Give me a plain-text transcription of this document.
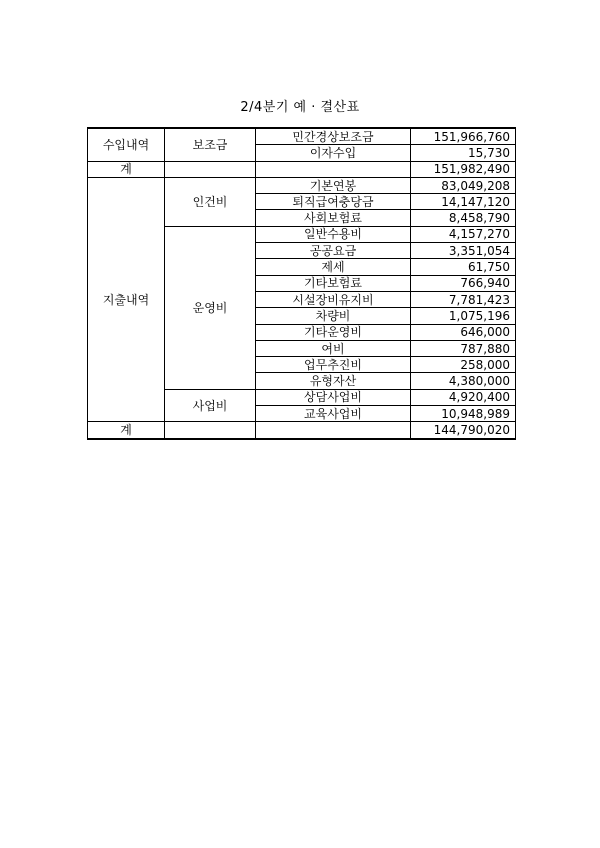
2/4분기 예 · 결산표
수입내역	보조금	민간경상보조금	151,966,760
		이자수입	15,730
계			151,982,490
지출내역	인건비	기본연봉	83,049,208
		퇴직급여충당금	14,147,120
		사회보험료	8,458,790
	운영비	일반수용비	4,157,270
		공공요금	3,351,054
		제세	61,750
		기타보험료	766,940
		시설장비유지비	7,781,423
		차량비	1,075,196
		기타운영비	646,000
		여비	787,880
		업무추진비	258,000
		유형자산	4,380,000
	사업비	상담사업비	4,920,400
		교육사업비	10,948,989
계			144,790,020
